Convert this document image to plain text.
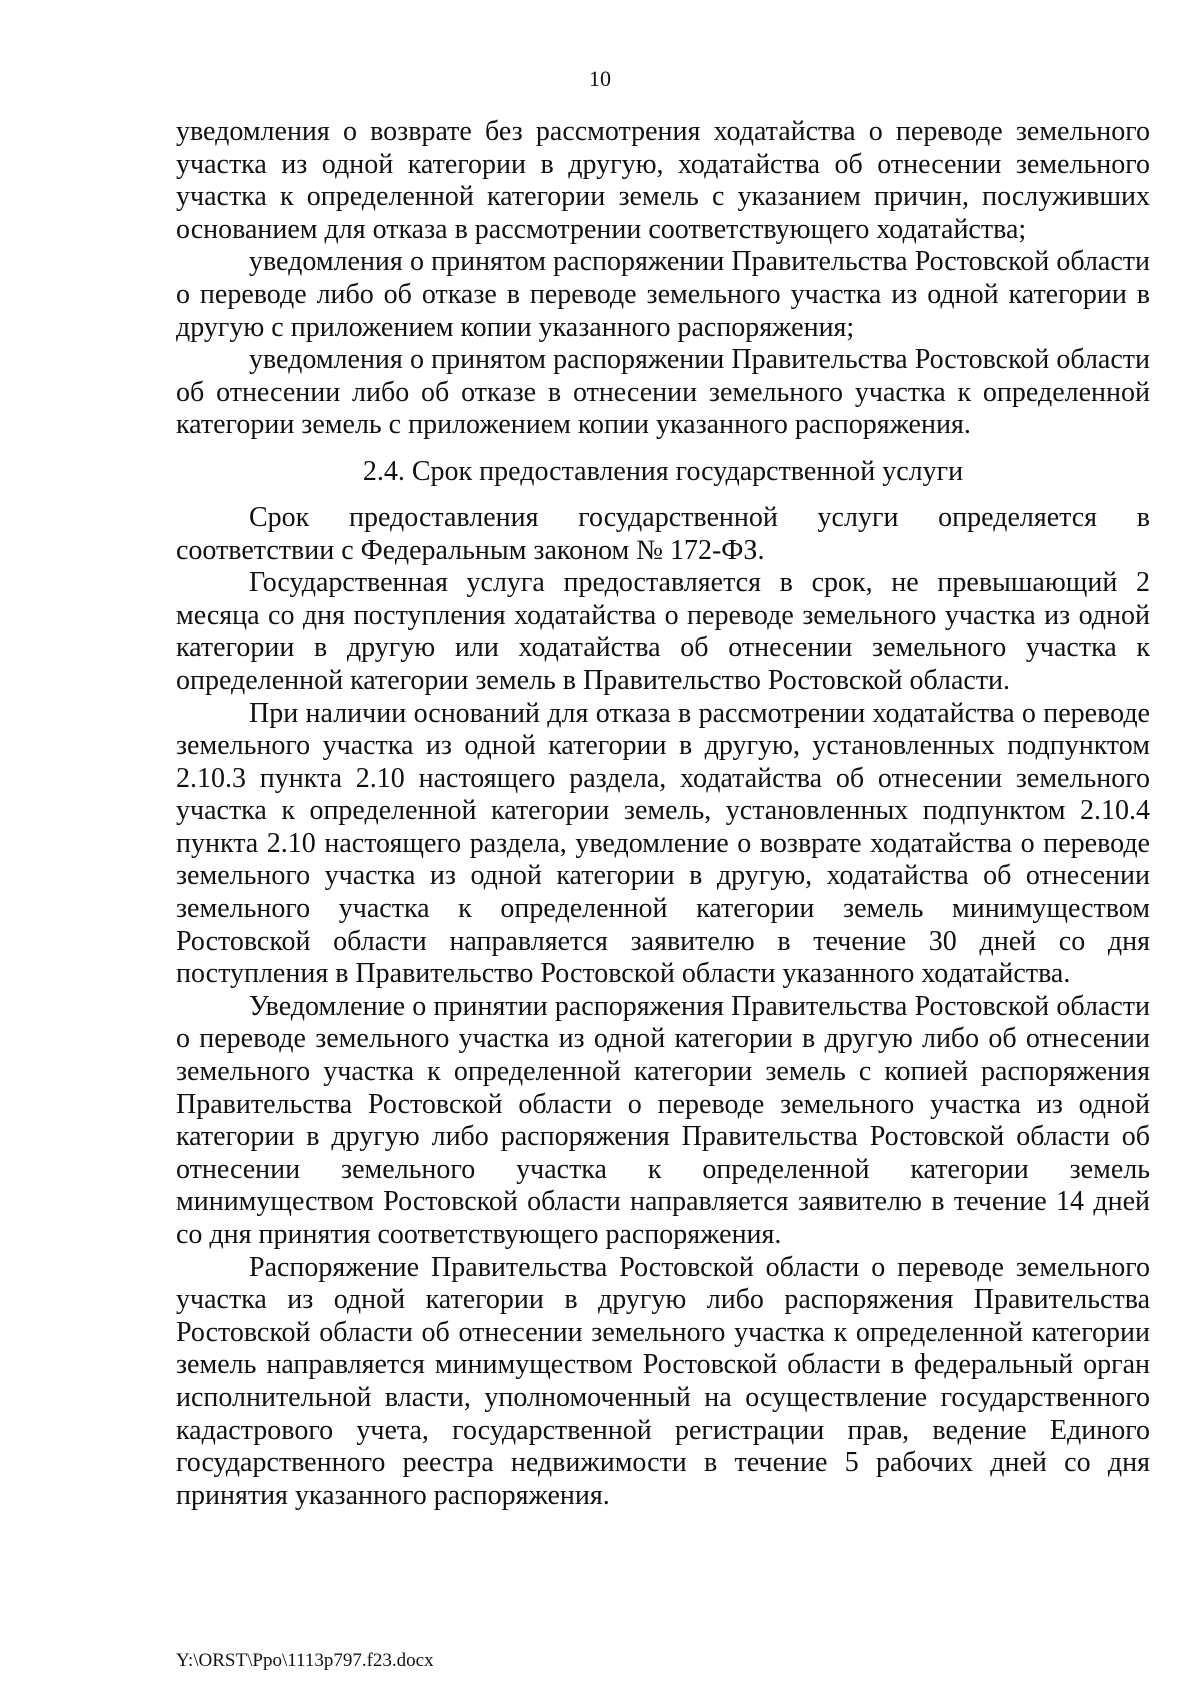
10

уведомления о возврате без рассмотрения ходатайства о переводе земельного участка из одной категории в другую, ходатайства об отнесении земельного участка к определенной категории земель с указанием причин, послуживших основанием для отказа в рассмотрении соответствующего ходатайства;

уведомления о принятом распоряжении Правительства Ростовской области о переводе либо об отказе в переводе земельного участка из одной категории в другую с приложением копии указанного распоряжения;

уведомления о принятом распоряжении Правительства Ростовской области об отнесении либо об отказе в отнесении земельного участка к определенной категории земель с приложением копии указанного распоряжения.

2.4. Срок предоставления государственной услуги

Срок предоставления государственной услуги определяется в соответствии с Федеральным законом № 172-ФЗ.

Государственная услуга предоставляется в срок, не превышающий 2 месяца со дня поступления ходатайства о переводе земельного участка из одной категории в другую или ходатайства об отнесении земельного участка к определенной категории земель в Правительство Ростовской области.

При наличии оснований для отказа в рассмотрении ходатайства о переводе земельного участка из одной категории в другую, установленных подпунктом 2.10.3 пункта 2.10 настоящего раздела, ходатайства об отнесении земельного участка к определенной категории земель, установленных подпунктом 2.10.4 пункта 2.10 настоящего раздела, уведомление о возврате ходатайства о переводе земельного участка из одной категории в другую, ходатайства об отнесении земельного участка к определенной категории земель минимуществом Ростовской области направляется заявителю в течение 30 дней со дня поступления в Правительство Ростовской области указанного ходатайства.

Уведомление о принятии распоряжения Правительства Ростовской области о переводе земельного участка из одной категории в другую либо об отнесении земельного участка к определенной категории земель с копией распоряжения Правительства Ростовской области о переводе земельного участка из одной категории в другую либо распоряжения Правительства Ростовской области об отнесении земельного участка к определенной категории земель минимуществом Ростовской области направляется заявителю в течение 14 дней со дня принятия соответствующего распоряжения.

Распоряжение Правительства Ростовской области о переводе земельного участка из одной категории в другую либо распоряжения Правительства Ростовской области об отнесении земельного участка к определенной категории земель направляется минимуществом Ростовской области в федеральный орган исполнительной власти, уполномоченный на осуществление государственного кадастрового учета, государственной регистрации прав, ведение Единого государственного реестра недвижимости в течение 5 рабочих дней со дня принятия указанного распоряжения.

Y:\ORST\Ppo\1113p797.f23.docx
